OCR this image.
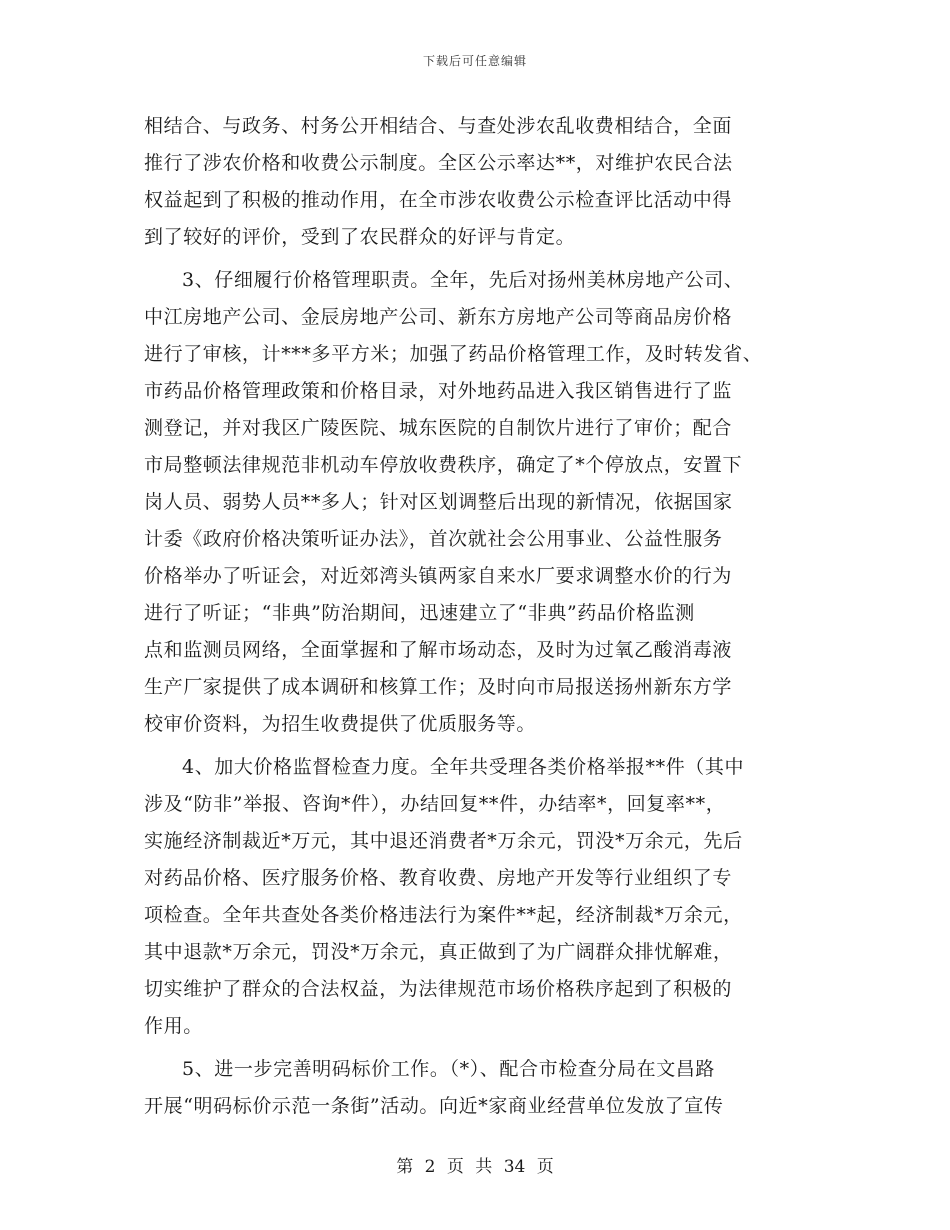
下载后可任意编辑
相结合、与政务、村务公开相结合、与查处涉农乱收费相结合，全面
推行了涉农价格和收费公示制度。全区公示率达**，对维护农民合法
权益起到了积极的推动作用，在全市涉农收费公示检查评比活动中得
到了较好的评价，受到了农民群众的好评与肯定。
3、仔细履行价格管理职责。全年，先后对扬州美林房地产公司、
中江房地产公司、金辰房地产公司、新东方房地产公司等商品房价格
进行了审核，计***多平方米；加强了药品价格管理工作，及时转发省、
市药品价格管理政策和价格目录，对外地药品进入我区销售进行了监
测登记，并对我区广陵医院、城东医院的自制饮片进行了审价；配合
市局整顿法律规范非机动车停放收费秩序，确定了*个停放点，安置下
岗人员、弱势人员**多人；针对区划调整后出现的新情况，依据国家
计委《政府价格决策听证办法》，首次就社会公用事业、公益性服务
价格举办了听证会，对近郊湾头镇两家自来水厂要求调整水价的行为
进行了听证；“非典”防治期间，迅速建立了“非典”药品价格监测
点和监测员网络，全面掌握和了解市场动态，及时为过氧乙酸消毒液
生产厂家提供了成本调研和核算工作；及时向市局报送扬州新东方学
校审价资料，为招生收费提供了优质服务等。
4、加大价格监督检查力度。全年共受理各类价格举报**件（其中
涉及“防非”举报、咨询*件），办结回复**件，办结率*，回复率**，
实施经济制裁近*万元，其中退还消费者*万余元，罚没*万余元，先后
对药品价格、医疗服务价格、教育收费、房地产开发等行业组织了专
项检查。全年共查处各类价格违法行为案件**起，经济制裁*万余元，
其中退款*万余元，罚没*万余元，真正做到了为广阔群众排忧解难，
切实维护了群众的合法权益，为法律规范市场价格秩序起到了积极的
作用。
5、进一步完善明码标价工作。（*）、配合市检查分局在文昌路
开展“明码标价示范一条街”活动。向近*家商业经营单位发放了宣传
第 2 页 共 34 页
